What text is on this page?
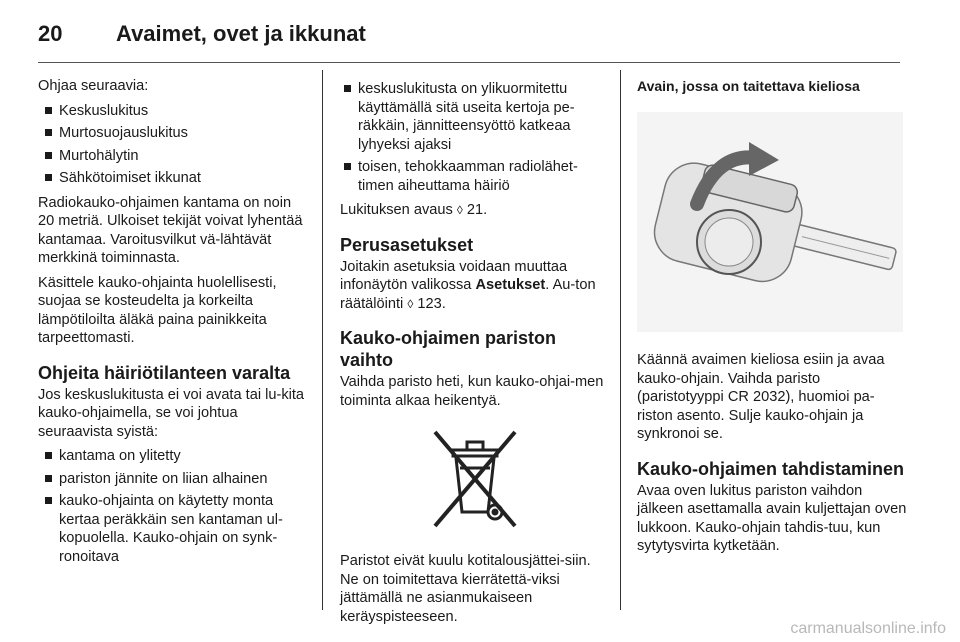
20	Avaimet, ovet ja ikkunat

Ohjaa seuraavia:

Keskuslukitus
Murtosuojauslukitus
Murtohälytin
Sähkötoimiset ikkunat

Radiokauko-ohjaimen kantama on noin 20 metriä. Ulkoiset tekijät voivat lyhentää kantamaa. Varoitusvilkut vä-lähtävät merkkinä toiminnasta.

Käsittele kauko-ohjainta huolellisesti, suojaa se kosteudelta ja korkeilta lämpötiloilta äläkä paina painikkeita tarpeettomasti.

Ohjeita häiriötilanteen varalta

Jos keskuslukitusta ei voi avata tai lu-kita kauko-ohjaimella, se voi johtua seuraavista syistä:

kantama on ylitetty
pariston jännite on liian alhainen
kauko-ohjainta on käytetty monta kertaa peräkkäin sen kantaman ul-kopuolella. Kauko-ohjain on synk-ronoitava
keskuslukitusta on ylikuormitettu käyttämällä sitä useita kertoja pe-räkkäin, jännitteensyöttö katkeaa lyhyeksi ajaksi
toisen, tehokkaamman radiolähet-timen aiheuttama häiriö

Lukituksen avaus ◊ 21.

Perusasetukset

Joitakin asetuksia voidaan muuttaa infonäytön valikossa Asetukset. Au-ton räätälöinti ◊ 123.

Kauko-ohjaimen pariston vaihto

Vaihda paristo heti, kun kauko-ohjai-men toiminta alkaa heikentyä.

Paristot eivät kuulu kotitalousjättei-siin. Ne on toimitettava kierrätettä-viksi jättämällä ne asianmukaiseen keräyspisteeseen.

Avain, jossa on taitettava kieliosa

Käännä avaimen kieliosa esiin ja avaa kauko-ohjain. Vaihda paristo (paristotyyppi CR 2032), huomioi pa-riston asento. Sulje kauko-ohjain ja synkronoi se.

Kauko-ohjaimen tahdistaminen

Avaa oven lukitus pariston vaihdon jälkeen asettamalla avain kuljettajan oven lukkoon. Kauko-ohjain tahdis-tuu, kun sytytysvirta kytketään.

carmanualsonline.info
